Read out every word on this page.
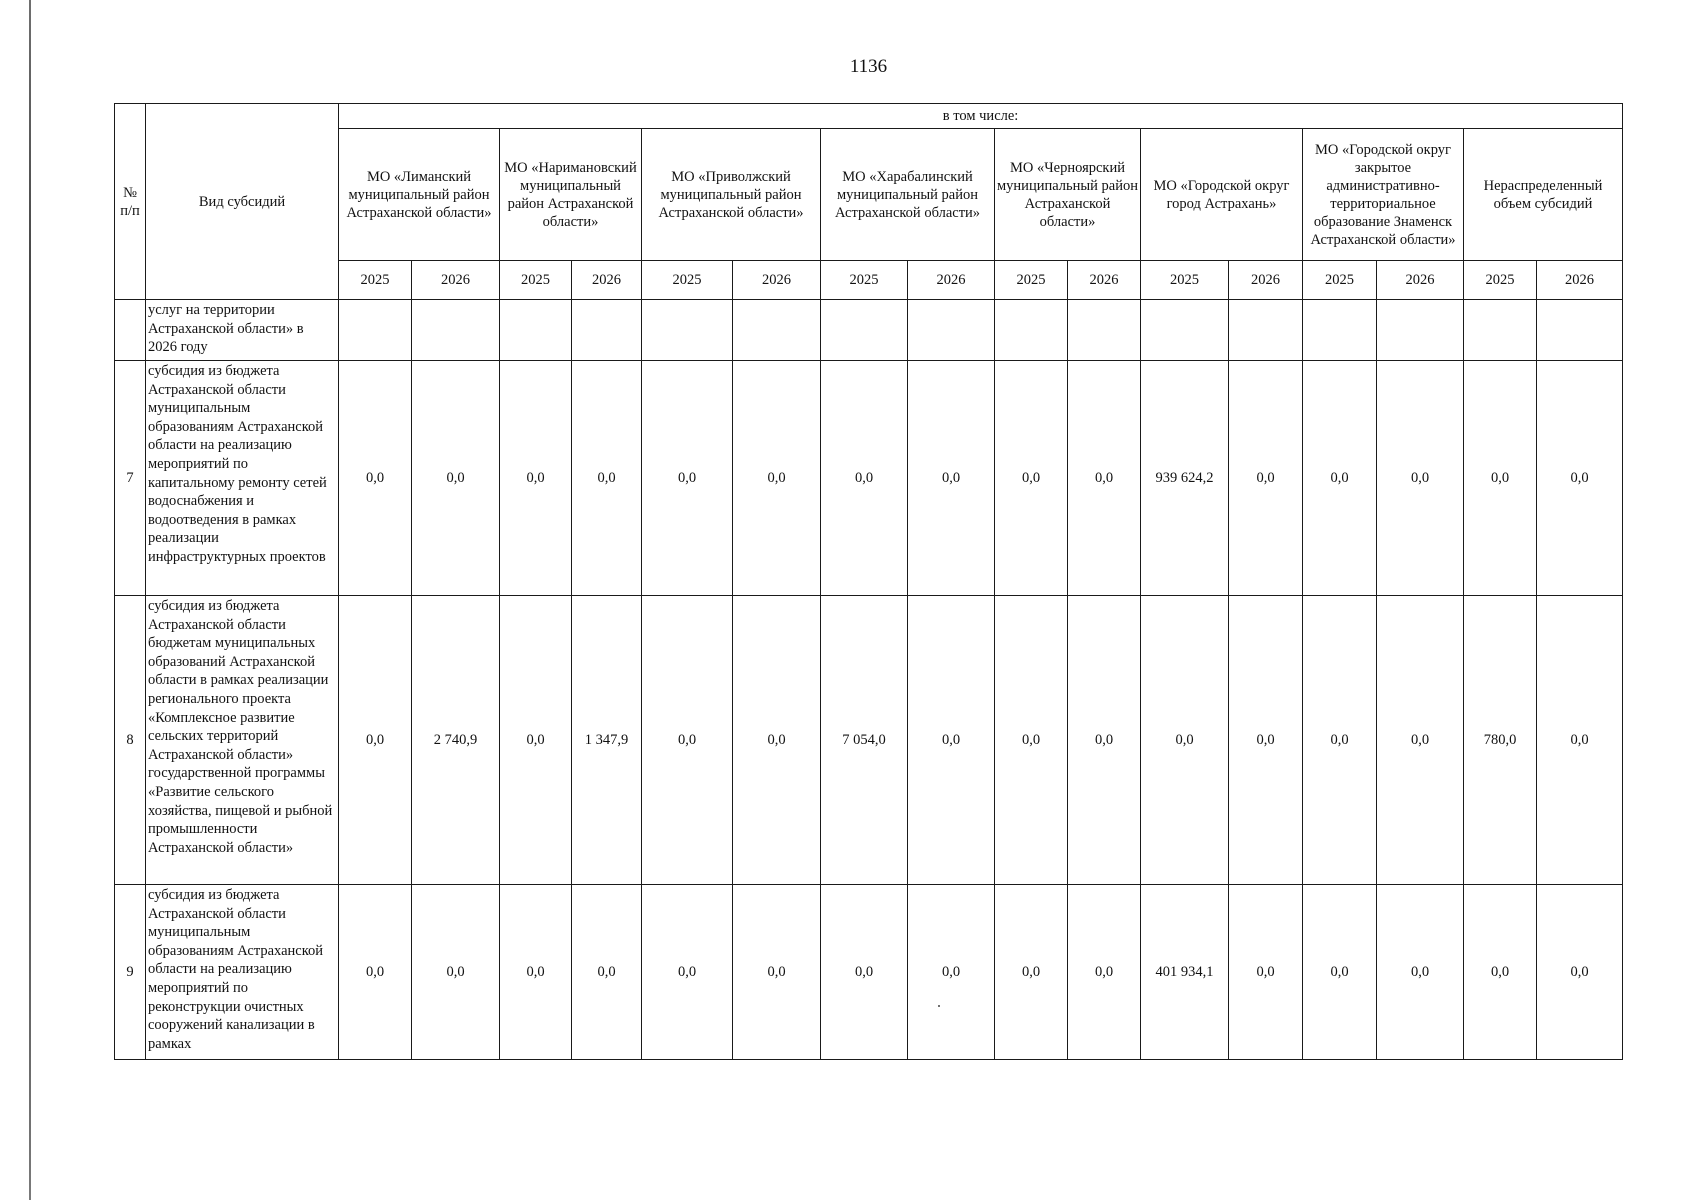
1136
№ п/п	Вид субсидий	в том числе:															
		МО «Лиманский муниципальный район Астраханской области»		МО «Наримановский муниципальный район Астраханской области»		МО «Приволжский муниципальный район Астраханской области»		МО «Харабалинский муниципальный район Астраханской области»		МО «Черноярский муниципальный район Астраханской области»		МО «Городской округ город Астрахань»		МО «Городской округ закрытое административно-территориальное образование Знаменск Астраханской области»		Нераспределенный объем субсидий	
		2025	2026	2025	2026	2025	2026	2025	2026	2025	2026	2025	2026	2025	2026	2025	2026
	услуг на территории Астраханской области» в 2026 году																
7	субсидия из бюджета Астраханской области муниципальным образованиям Астраханской области на реализацию мероприятий по капитальному ремонту сетей водоснабжения и водоотведения в рамках реализации инфраструктурных проектов	0,0	0,0	0,0	0,0	0,0	0,0	0,0	0,0	0,0	0,0	939 624,2	0,0	0,0	0,0	0,0	0,0
8	субсидия из бюджета Астраханской области бюджетам муниципальных образований Астраханской области в рамках реализации регионального проекта «Комплексное развитие сельских территорий Астраханской области» государственной программы «Развитие сельского хозяйства, пищевой и рыбной промышленности Астраханской области»	0,0	2 740,9	0,0	1 347,9	0,0	0,0	7 054,0	0,0	0,0	0,0	0,0	0,0	0,0	0,0	780,0	0,0
9	субсидия из бюджета Астраханской области муниципальным образованиям Астраханской области на реализацию мероприятий по реконструкции очистных сооружений канализации в рамках	0,0	0,0	0,0	0,0	0,0	0,0	0,0	0,0	0,0	0,0	401 934,1	0,0	0,0	0,0	0,0	0,0
